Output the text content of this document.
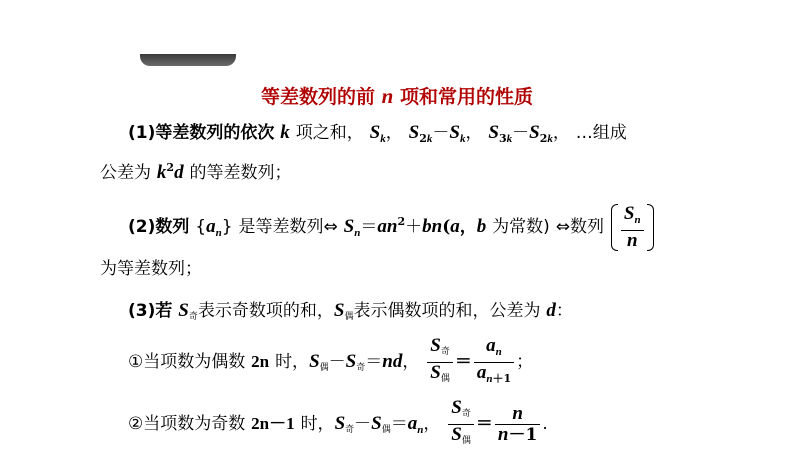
等差数列的前 n 项和常用的性质
(1)等差数列的依次 k 项之和， $S_k$， $S_{2k}-S_k$， $S_{3k}-S_{2k}$， …组成
公差为 $k^2d$ 的等差数列；
(2)数列 $\{a_n\}$ 是等差数列⇔ $S_n=an^2+bn(a$，b 为常数) ⇔数列 $\frac{S_n}{n}$
为等差数列；
(3)若 S奇表示奇数项的和，S偶表示偶数项的和，公差为 d：
①当项数为偶数 2n 时，S偶－S奇＝nd， $\frac{\text{S奇}}{\text{S偶}} = \frac{a_n}{a_{n+1}}$ ；
②当项数为奇数 2n－1 时，S奇－S偶$=a_n$， $\frac{\text{S奇}}{\text{S偶}} = \frac{n}{n-1}$ .
